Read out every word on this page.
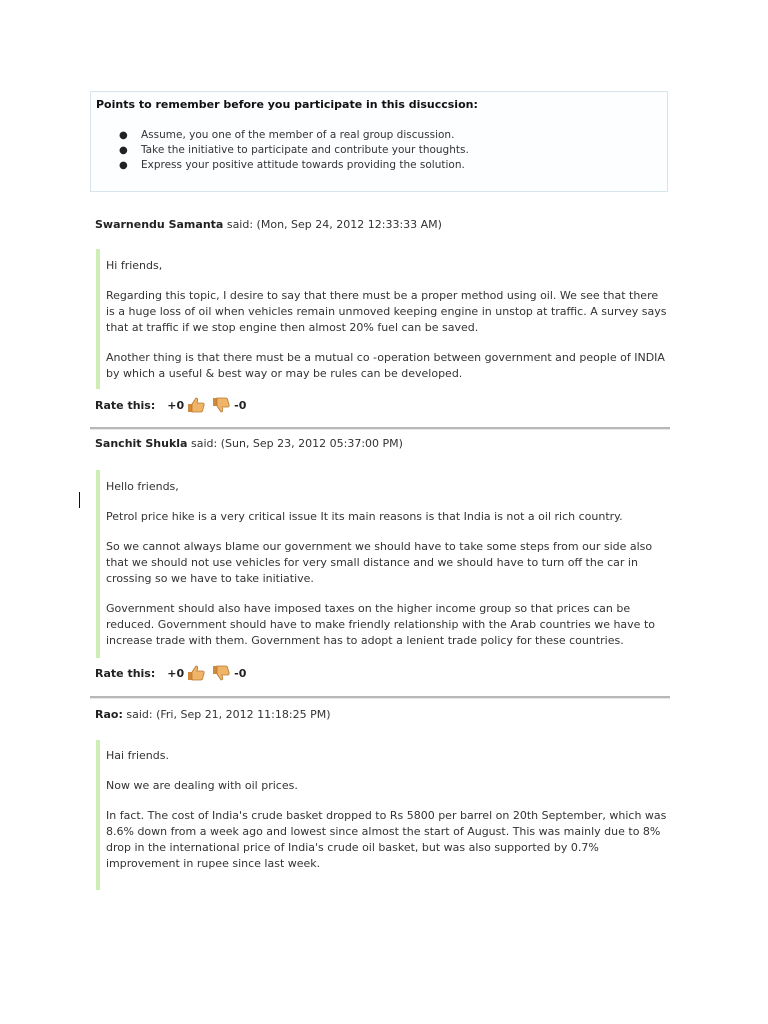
Points to remember before you participate in this disuccsion:
● Assume, you one of the member of a real group discussion.
● Take the initiative to participate and contribute your thoughts.
● Express your positive attitude towards providing the solution.
Swarnendu Samanta said: (Mon, Sep 24, 2012 12:33:33 AM)

Hi friends,

Regarding this topic, I desire to say that there must be a proper method using oil. We see that there is a huge loss of oil when vehicles remain unmoved keeping engine in unstop at traffic. A survey says that at traffic if we stop engine then almost 20% fuel can be saved.

Another thing is that there must be a mutual co -operation between government and people of INDIA by which a useful & best way or may be rules can be developed.

Rate this: +0	-0
Sanchit Shukla said: (Sun, Sep 23, 2012 05:37:00 PM)

Hello friends,

Petrol price hike is a very critical issue It its main reasons is that India is not a oil rich country.

So we cannot always blame our government we should have to take some steps from our side also that we should not use vehicles for very small distance and we should have to turn off the car in crossing so we have to take initiative.

Government should also have imposed taxes on the higher income group so that prices can be reduced. Government should have to make friendly relationship with the Arab countries we have to increase trade with them. Government has to adopt a lenient trade policy for these countries.

Rate this: +0	-0
Rao: said: (Fri, Sep 21, 2012 11:18:25 PM)

Hai friends.

Now we are dealing with oil prices.

In fact. The cost of India's crude basket dropped to Rs 5800 per barrel on 20th September, which was 8.6% down from a week ago and lowest since almost the start of August. This was mainly due to 8% drop in the international price of India's crude oil basket, but was also supported by 0.7% improvement in rupee since last week.
